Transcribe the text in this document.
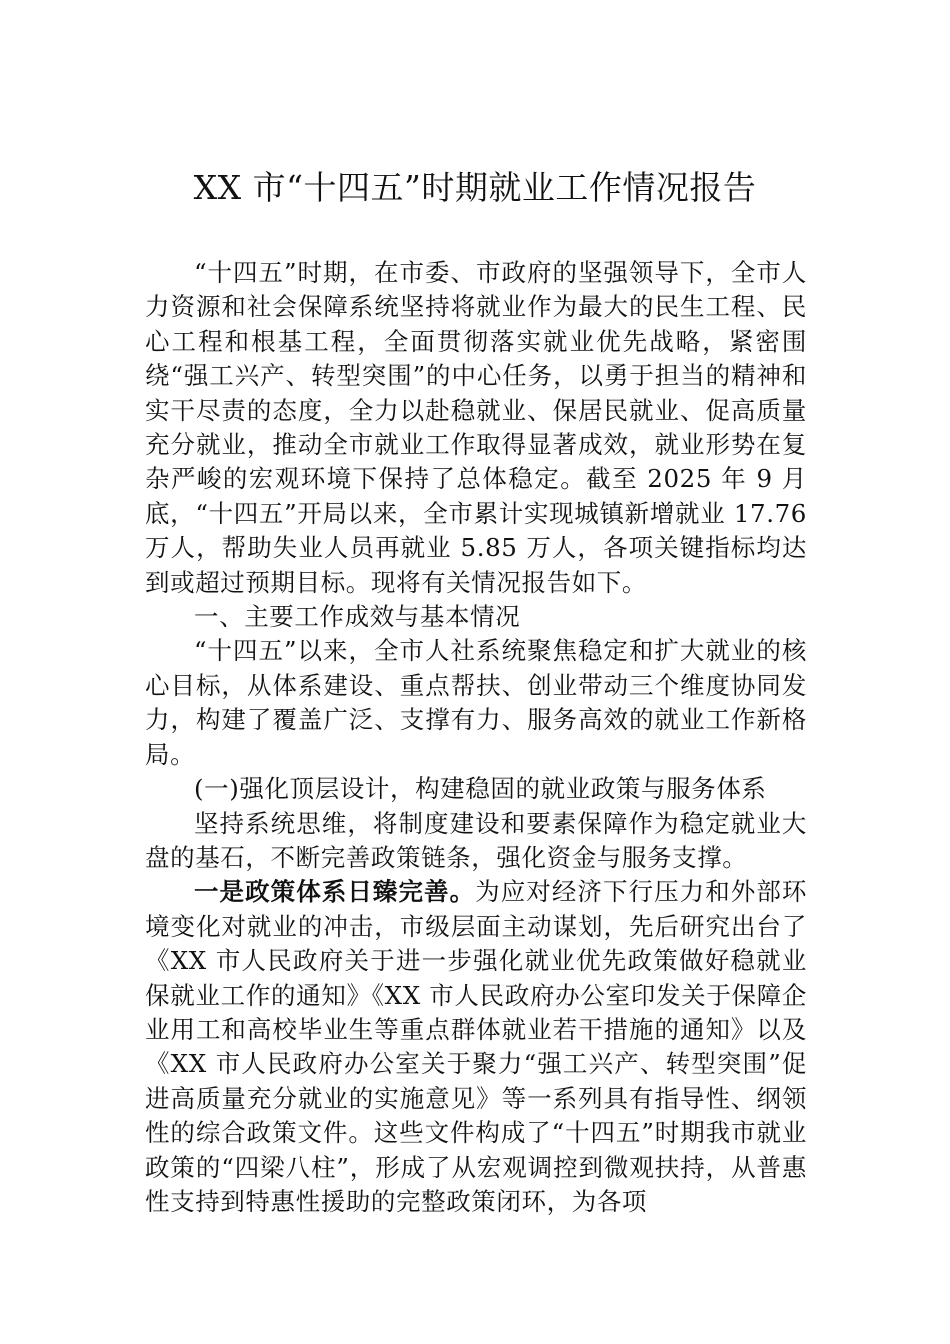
XX 市“十四五”时期就业工作情况报告

“十四五”时期，在市委、市政府的坚强领导下，全市人力资源和社会保障系统坚持将就业作为最大的民生工程、民心工程和根基工程，全面贯彻落实就业优先战略，紧密围绕“强工兴产、转型突围”的中心任务，以勇于担当的精神和实干尽责的态度，全力以赴稳就业、保居民就业、促高质量充分就业，推动全市就业工作取得显著成效，就业形势在复杂严峻的宏观环境下保持了总体稳定。截至 2025 年 9 月底，“十四五”开局以来，全市累计实现城镇新增就业 17.76 万人，帮助失业人员再就业 5.85 万人，各项关键指标均达到或超过预期目标。现将有关情况报告如下。

一、主要工作成效与基本情况

“十四五”以来，全市人社系统聚焦稳定和扩大就业的核心目标，从体系建设、重点帮扶、创业带动三个维度协同发力，构建了覆盖广泛、支撑有力、服务高效的就业工作新格局。

(一)强化顶层设计，构建稳固的就业政策与服务体系

坚持系统思维，将制度建设和要素保障作为稳定就业大盘的基石，不断完善政策链条，强化资金与服务支撑。

一是政策体系日臻完善。为应对经济下行压力和外部环境变化对就业的冲击，市级层面主动谋划，先后研究出台了《XX 市人民政府关于进一步强化就业优先政策做好稳就业保就业工作的通知》《XX 市人民政府办公室印发关于保障企业用工和高校毕业生等重点群体就业若干措施的通知》以及《XX 市人民政府办公室关于聚力“强工兴产、转型突围”促进高质量充分就业的实施意见》等一系列具有指导性、纲领性的综合政策文件。这些文件构成了“十四五”时期我市就业政策的“四梁八柱”，形成了从宏观调控到微观扶持，从普惠性支持到特惠性援助的完整政策闭环，为各项
